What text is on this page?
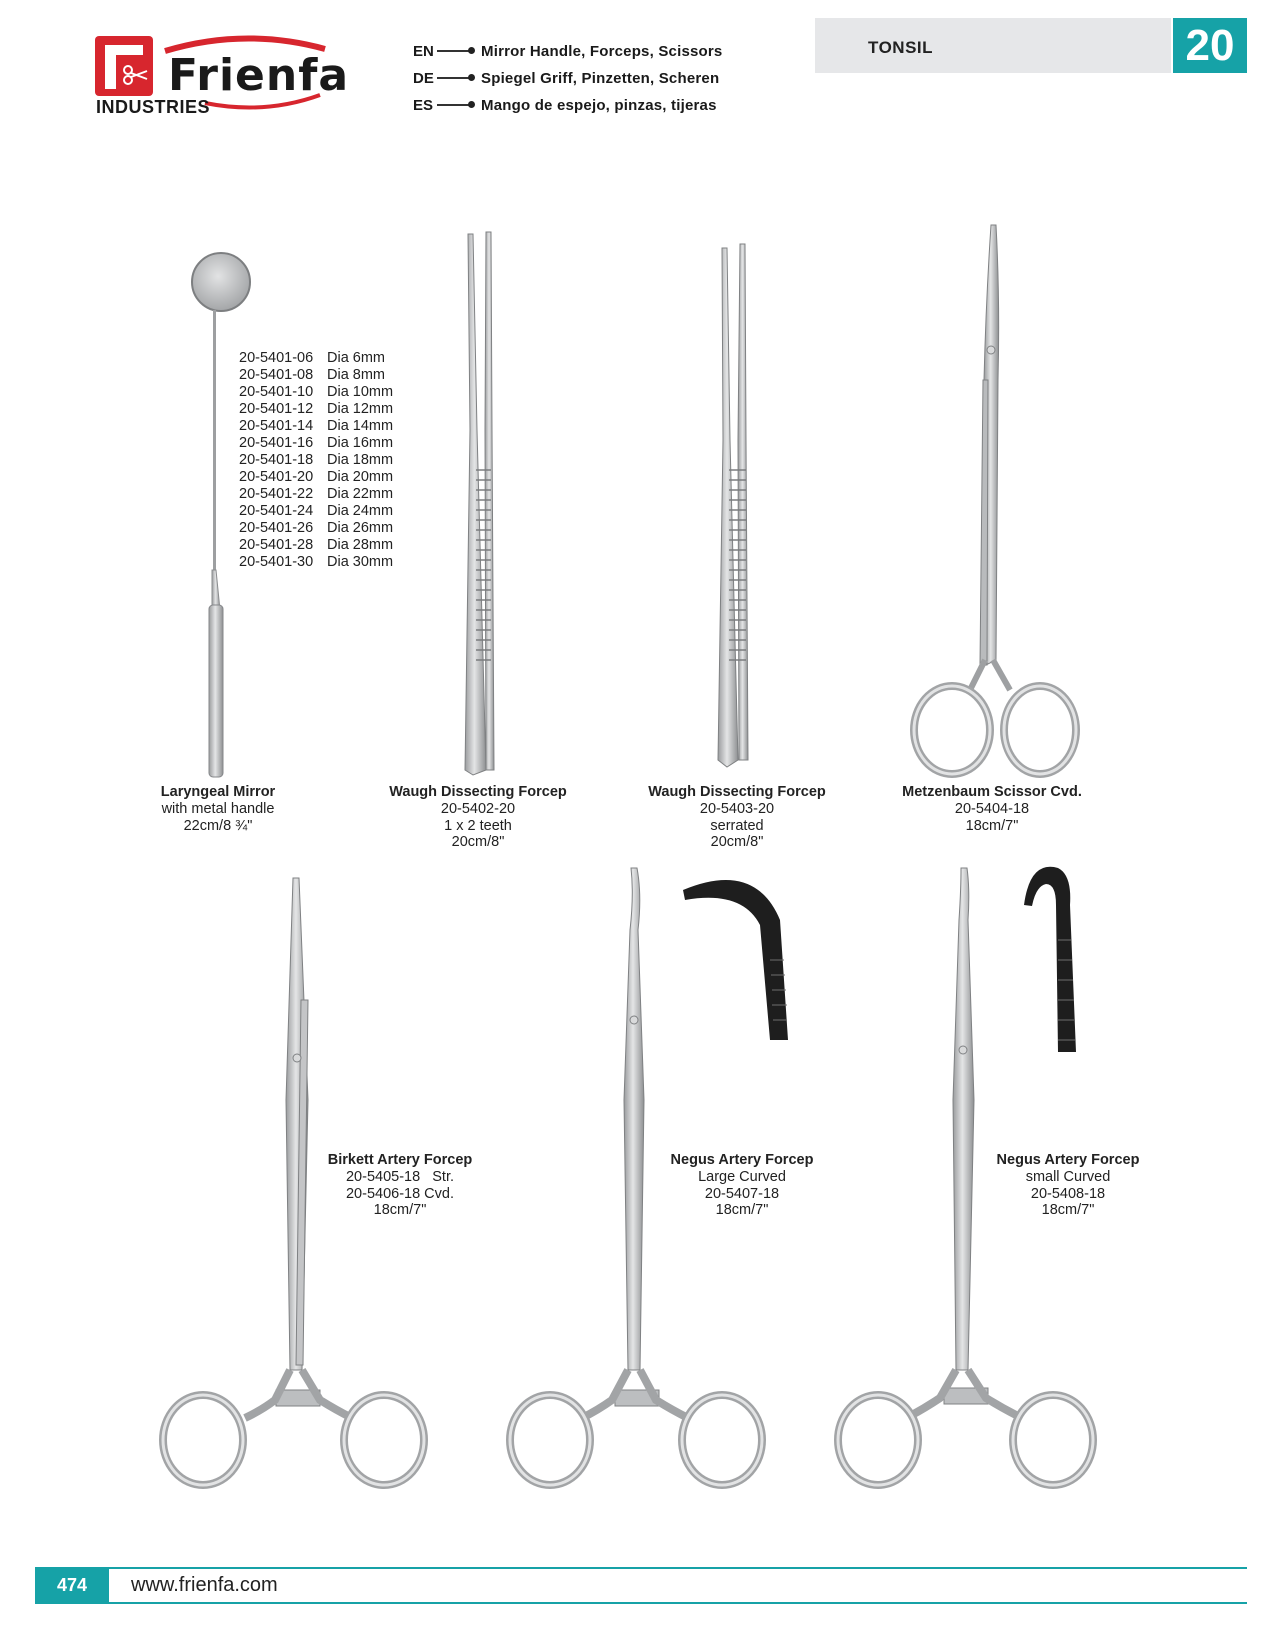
Frienfa
INDUSTRIES
EN	Mirror Handle, Forceps, Scissors
DE	Spiegel Griff, Pinzetten, Scheren
ES	Mango de espejo, pinzas, tijeras
TONSIL	20
20-5401-06 Dia 6mm
20-5401-08 Dia 8mm
20-5401-10 Dia 10mm
20-5401-12 Dia 12mm
20-5401-14 Dia 14mm
20-5401-16 Dia 16mm
20-5401-18 Dia 18mm
20-5401-20 Dia 20mm
20-5401-22 Dia 22mm
20-5401-24 Dia 24mm
20-5401-26 Dia 26mm
20-5401-28 Dia 28mm
20-5401-30 Dia 30mm
Laryngeal Mirror
with metal handle
22cm/8 ¾"
Waugh Dissecting Forcep
20-5402-20
1 x 2 teeth
20cm/8"
Waugh Dissecting Forcep
20-5403-20
serrated
20cm/8"
Metzenbaum Scissor Cvd.
20-5404-18
18cm/7"
Birkett Artery Forcep
20-5405-18   Str.
20-5406-18 Cvd.
18cm/7"
Negus Artery Forcep
Large Curved
20-5407-18
18cm/7"
Negus Artery Forcep
small Curved
20-5408-18
18cm/7"
474	www.frienfa.com
